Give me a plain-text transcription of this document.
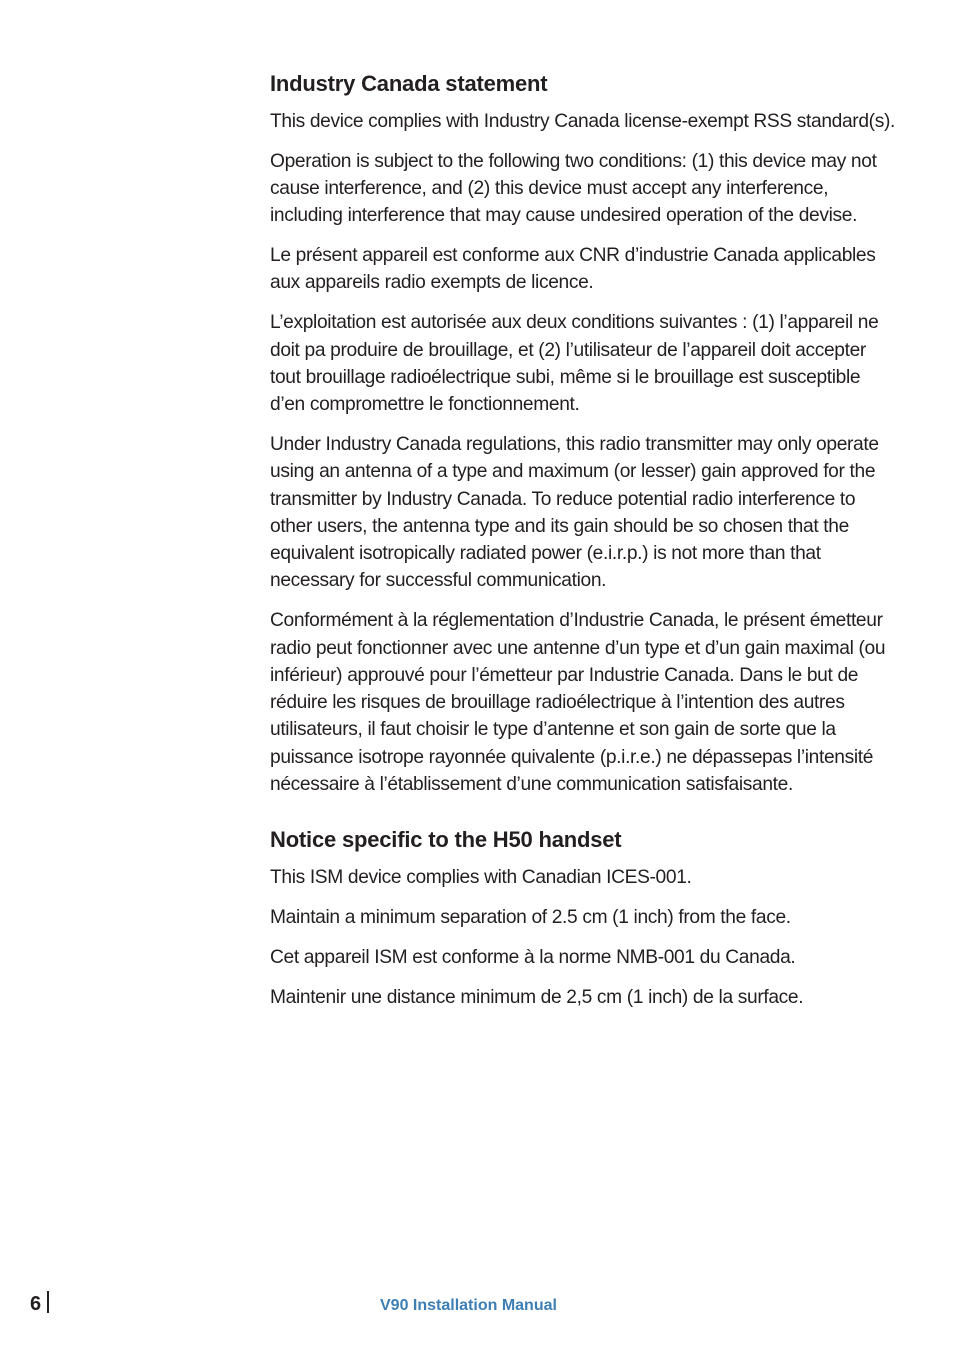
Industry Canada statement

This device complies with Industry Canada license-exempt RSS standard(s).

Operation is subject to the following two conditions: (1) this device may not cause interference, and (2) this device must accept any interference, including interference that may cause undesired operation of the devise.

Le présent appareil est conforme aux CNR d’industrie Canada applicables aux appareils radio exempts de licence.

L’exploitation est autorisée aux deux conditions suivantes : (1) l’appareil ne doit pa produire de brouillage, et (2) l’utilisateur de l’appareil doit accepter tout brouillage radioélectrique subi, même si le brouillage est susceptible d’en compromettre le fonctionnement.

Under Industry Canada regulations, this radio transmitter may only operate using an antenna of a type and maximum (or lesser) gain approved for the transmitter by Industry Canada. To reduce potential radio interference to other users, the antenna type and its gain should be so chosen that the equivalent isotropically radiated power (e.i.r.p.) is not more than that necessary for successful communication.

Conformément à la réglementation d’Industrie Canada, le présent émetteur radio peut fonctionner avec une antenne d’un type et d’un gain maximal (ou inférieur) approuvé pour l’émetteur par Industrie Canada. Dans le but de réduire les risques de brouillage radioélectrique à l’intention des autres utilisateurs, il faut choisir le type d’antenne et son gain de sorte que la puissance isotrope rayonnée quivalente (p.i.r.e.) ne dépassepas l’intensité nécessaire à l’établissement d’une communication satisfaisante.

Notice specific to the H50 handset

This ISM device complies with Canadian ICES-001.

Maintain a minimum separation of 2.5 cm (1 inch) from the face.

Cet appareil ISM est conforme à la norme NMB-001 du Canada.

Maintenir une distance minimum de 2,5 cm (1 inch) de la surface.

6	V90 Installation Manual
